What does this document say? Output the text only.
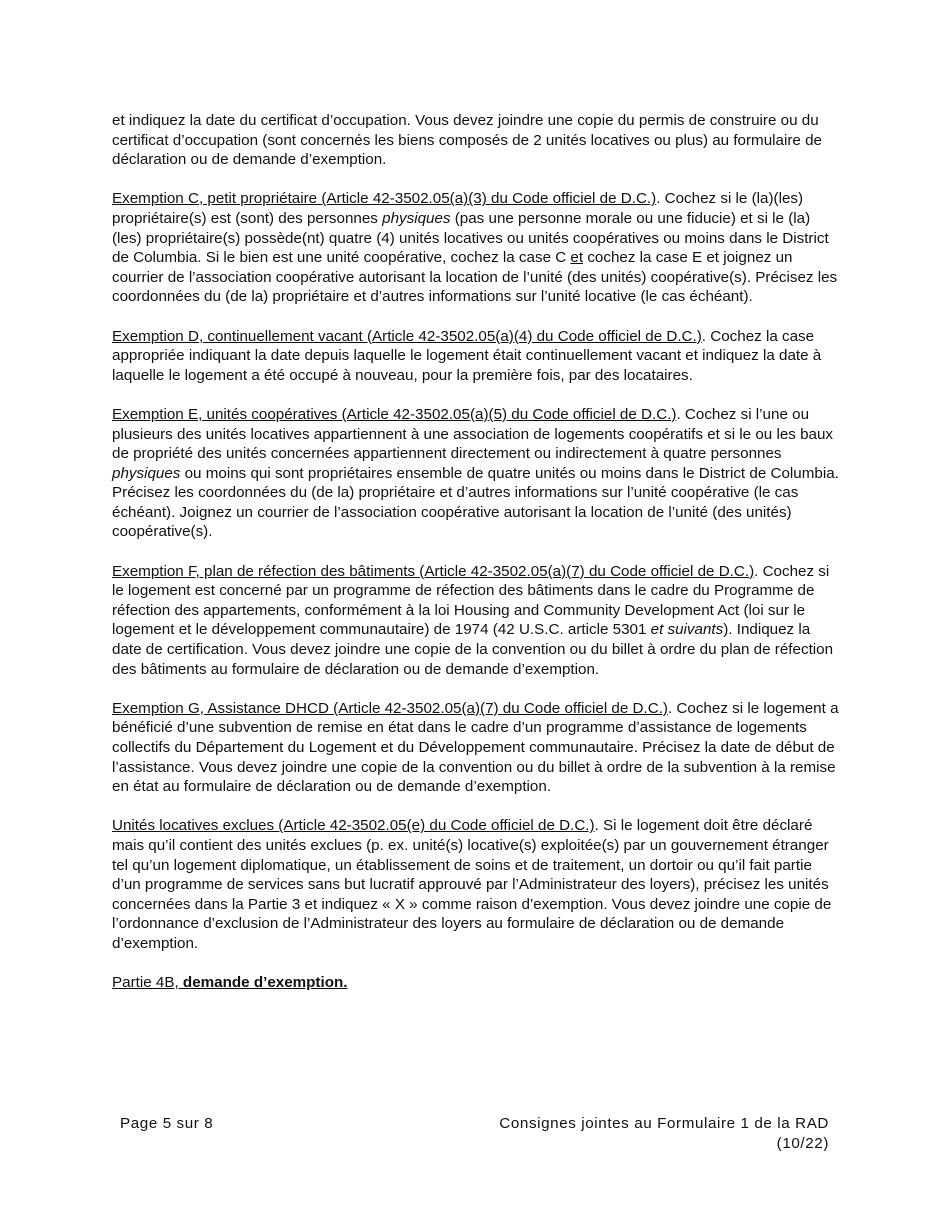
et indiquez la date du certificat d’occupation. Vous devez joindre une copie du permis de construire ou du certificat d’occupation (sont concernés les biens composés de 2 unités locatives ou plus) au formulaire de déclaration ou de demande d’exemption.

Exemption C, petit propriétaire (Article 42-3502.05(a)(3) du Code officiel de D.C.). Cochez si le (la)(les) propriétaire(s) est (sont) des personnes physiques (pas une personne morale ou une fiducie) et si le (la) (les) propriétaire(s) possède(nt) quatre (4) unités locatives ou unités coopératives ou moins dans le District de Columbia. Si le bien est une unité coopérative, cochez la case C et cochez la case E et joignez un courrier de l’association coopérative autorisant la location de l’unité (des unités) coopérative(s). Précisez les coordonnées du (de la) propriétaire et d’autres informations sur l’unité locative (le cas échéant).

Exemption D, continuellement vacant (Article 42-3502.05(a)(4) du Code officiel de D.C.). Cochez la case appropriée indiquant la date depuis laquelle le logement était continuellement vacant et indiquez la date à laquelle le logement a été occupé à nouveau, pour la première fois, par des locataires.

Exemption E, unités coopératives (Article 42-3502.05(a)(5) du Code officiel de D.C.). Cochez si l’une ou plusieurs des unités locatives appartiennent à une association de logements coopératifs et si le ou les baux de propriété des unités concernées appartiennent directement ou indirectement à quatre personnes physiques ou moins qui sont propriétaires ensemble de quatre unités ou moins dans le District de Columbia. Précisez les coordonnées du (de la) propriétaire et d’autres informations sur l’unité coopérative (le cas échéant). Joignez un courrier de l’association coopérative autorisant la location de l’unité (des unités) coopérative(s).

Exemption F, plan de réfection des bâtiments (Article 42-3502.05(a)(7) du Code officiel de D.C.). Cochez si le logement est concerné par un programme de réfection des bâtiments dans le cadre du Programme de réfection des appartements, conformément à la loi Housing and Community Development Act (loi sur le logement et le développement communautaire) de 1974 (42 U.S.C. article 5301 et suivants). Indiquez la date de certification. Vous devez joindre une copie de la convention ou du billet à ordre du plan de réfection des bâtiments au formulaire de déclaration ou de demande d’exemption.

Exemption G, Assistance DHCD (Article 42-3502.05(a)(7) du Code officiel de D.C.). Cochez si le logement a bénéficié d’une subvention de remise en état dans le cadre d’un programme d’assistance de logements collectifs du Département du Logement et du Développement communautaire. Précisez la date de début de l’assistance. Vous devez joindre une copie de la convention ou du billet à ordre de la subvention à la remise en état au formulaire de déclaration ou de demande d’exemption.

Unités locatives exclues (Article 42-3502.05(e) du Code officiel de D.C.). Si le logement doit être déclaré mais qu’il contient des unités exclues (p. ex. unité(s) locative(s) exploitée(s) par un gouvernement étranger tel qu’un logement diplomatique, un établissement de soins et de traitement, un dortoir ou qu’il fait partie d’un programme de services sans but lucratif approuvé par l’Administrateur des loyers), précisez les unités concernées dans la Partie 3 et indiquez « X » comme raison d’exemption. Vous devez joindre une copie de l’ordonnance d’exclusion de l’Administrateur des loyers au formulaire de déclaration ou de demande d’exemption.

Partie 4B, demande d’exemption.

Page 5 sur 8	Consignes jointes au Formulaire 1 de la RAD
(10/22)
